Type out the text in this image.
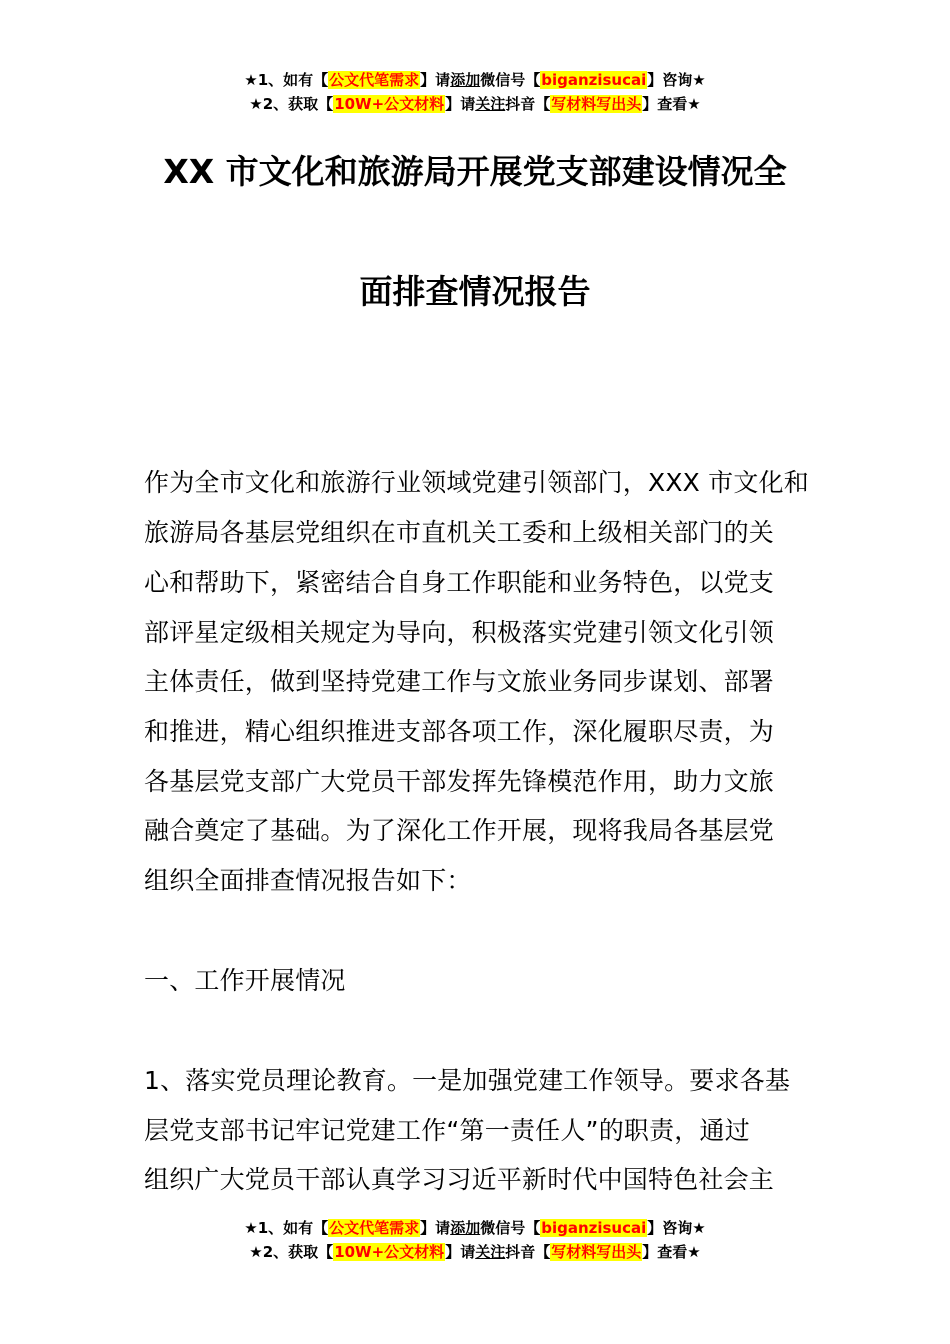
★1、如有【公文代笔需求】请添加微信号【biganzisucai】咨询★
★2、获取【10W+公文材料】请关注抖音【写材料写出头】查看★
XX 市文化和旅游局开展党支部建设情况全
面排查情况报告
作为全市文化和旅游行业领域党建引领部门，XXX 市文化和
旅游局各基层党组织在市直机关工委和上级相关部门的关
心和帮助下，紧密结合自身工作职能和业务特色，以党支
部评星定级相关规定为导向，积极落实党建引领文化引领
主体责任，做到坚持党建工作与文旅业务同步谋划、部署
和推进，精心组织推进支部各项工作，深化履职尽责，为
各基层党支部广大党员干部发挥先锋模范作用，助力文旅
融合奠定了基础。为了深化工作开展，现将我局各基层党
组织全面排查情况报告如下：
一、工作开展情况
1、落实党员理论教育。一是加强党建工作领导。要求各基
层党支部书记牢记党建工作“第一责任人”的职责，通过
组织广大党员干部认真学习习近平新时代中国特色社会主
★1、如有【公文代笔需求】请添加微信号【biganzisucai】咨询★
★2、获取【10W+公文材料】请关注抖音【写材料写出头】查看★
